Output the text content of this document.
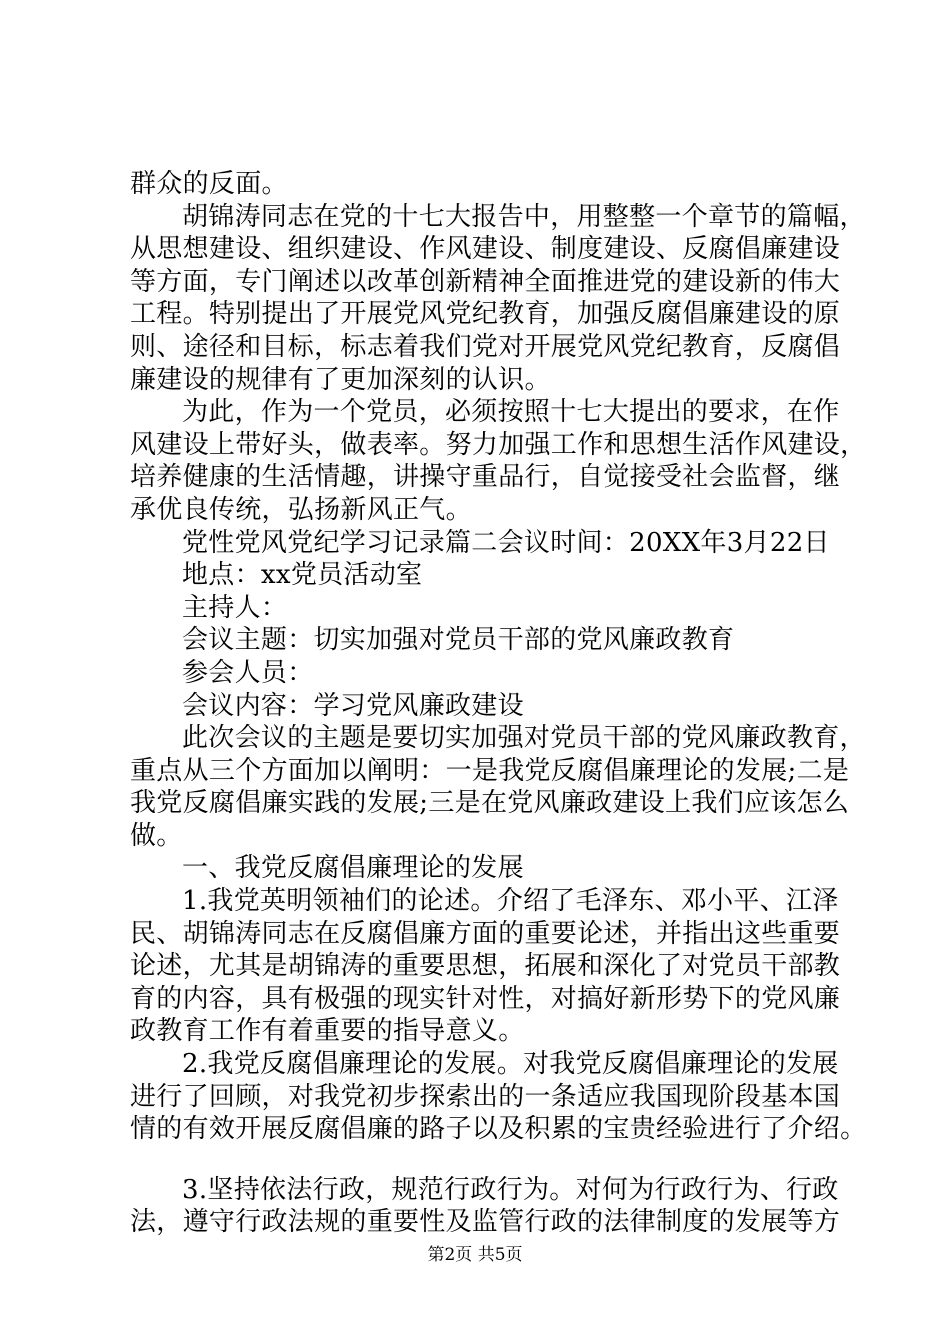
群众的反面。
胡锦涛同志在党的十七大报告中，用整整一个章节的篇幅，
从思想建设、组织建设、作风建设、制度建设、反腐倡廉建设
等方面，专门阐述以改革创新精神全面推进党的建设新的伟大
工程。特别提出了开展党风党纪教育，加强反腐倡廉建设的原
则、途径和目标，标志着我们党对开展党风党纪教育，反腐倡
廉建设的规律有了更加深刻的认识。
为此，作为一个党员，必须按照十七大提出的要求，在作
风建设上带好头，做表率。努力加强工作和思想生活作风建设，
培养健康的生活情趣，讲操守重品行，自觉接受社会监督，继
承优良传统，弘扬新风正气。
党性党风党纪学习记录篇二会议时间：20XX年3月22日
地点：xx党员活动室
主持人：
会议主题：切实加强对党员干部的党风廉政教育
参会人员：
会议内容：学习党风廉政建设
此次会议的主题是要切实加强对党员干部的党风廉政教育，
重点从三个方面加以阐明：一是我党反腐倡廉理论的发展;二是
我党反腐倡廉实践的发展;三是在党风廉政建设上我们应该怎么
做。
一、我党反腐倡廉理论的发展
1.我党英明领袖们的论述。介绍了毛泽东、邓小平、江泽
民、胡锦涛同志在反腐倡廉方面的重要论述，并指出这些重要
论述，尤其是胡锦涛的重要思想，拓展和深化了对党员干部教
育的内容，具有极强的现实针对性，对搞好新形势下的党风廉
政教育工作有着重要的指导意义。
2.我党反腐倡廉理论的发展。对我党反腐倡廉理论的发展
进行了回顾，对我党初步探索出的一条适应我国现阶段基本国
情的有效开展反腐倡廉的路子以及积累的宝贵经验进行了介绍。
3.坚持依法行政，规范行政行为。对何为行政行为、行政
法，遵守行政法规的重要性及监管行政的法律制度的发展等方
第2页 共5页
